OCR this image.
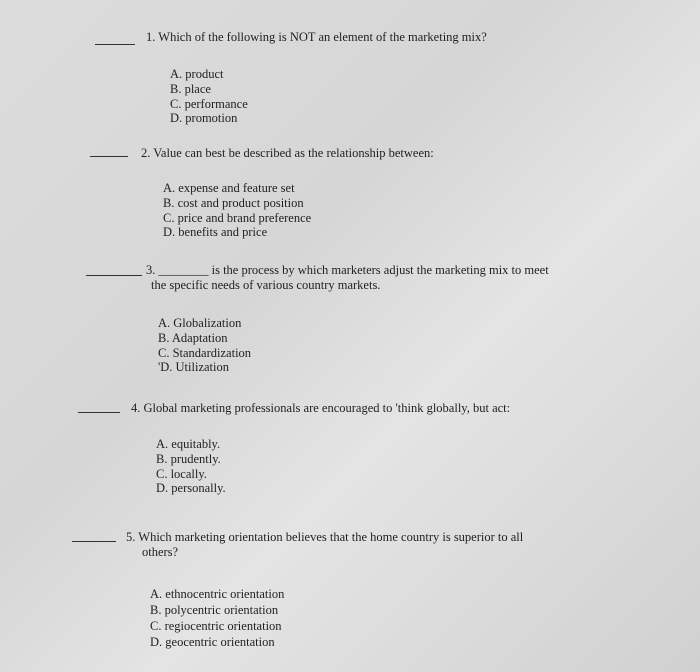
1. Which of the following is NOT an element of the marketing mix?
A. product
B. place
C. performance
D. promotion
2. Value can best be described as the relationship between:
A. expense and feature set
B. cost and product position
C. price and brand preference
D. benefits and price
3. ________ is the process by which marketers adjust the marketing mix to meet
the specific needs of various country markets.
A. Globalization
B. Adaptation
C. Standardization
'D. Utilization
4. Global marketing professionals are encouraged to 'think globally, but act:
A. equitably.
B. prudently.
C. locally.
D. personally.
5. Which marketing orientation believes that the home country is superior to all
others?
A. ethnocentric orientation
B. polycentric orientation
C. regiocentric orientation
D. geocentric orientation
